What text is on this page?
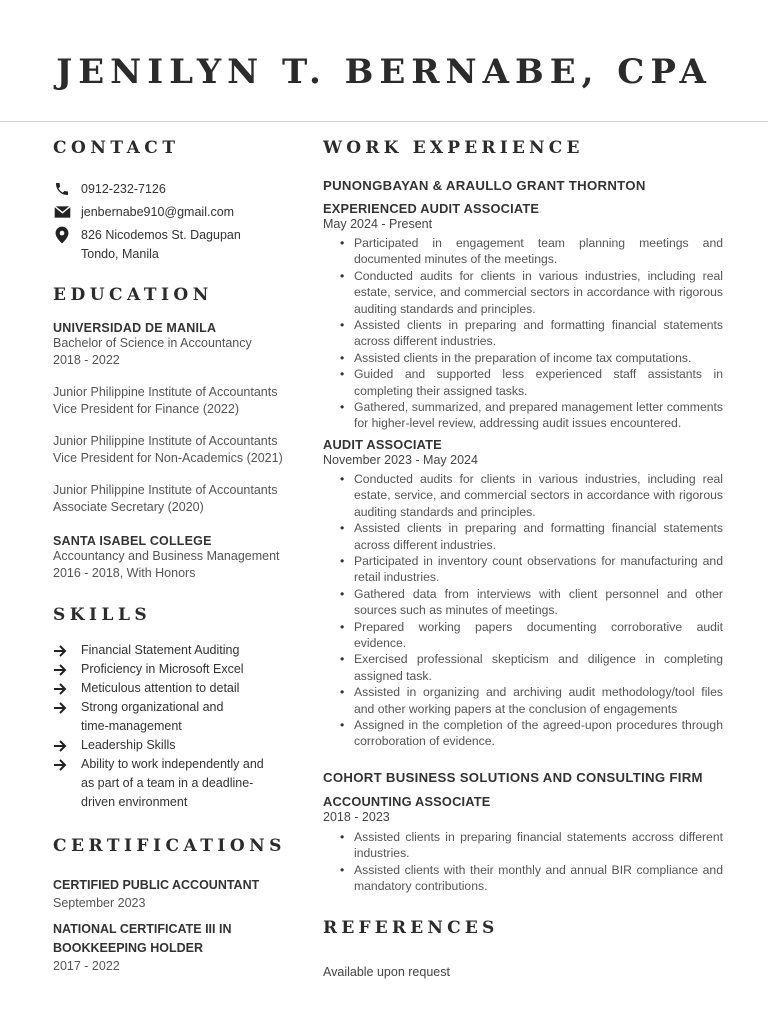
JENILYN T. BERNABE, CPA
CONTACT
0912-232-7126
jenbernabe910@gmail.com
826 Nicodemos St. Dagupan
Tondo, Manila
EDUCATION
UNIVERSIDAD DE MANILA
Bachelor of Science in Accountancy
2018 - 2022
Junior Philippine Institute of Accountants
Vice President for Finance (2022)
Junior Philippine Institute of Accountants
Vice President for Non-Academics (2021)
Junior Philippine Institute of Accountants
Associate Secretary (2020)
SANTA ISABEL COLLEGE
Accountancy and Business Management
2016 - 2018, With Honors
SKILLS
Financial Statement Auditing
Proficiency in Microsoft Excel
Meticulous attention to detail
Strong organizational and
time-management
Leadership Skills
Ability to work independently and
as part of a team in a deadline-
driven environment
CERTIFICATIONS
CERTIFIED PUBLIC ACCOUNTANT
September 2023
NATIONAL CERTIFICATE III IN
BOOKKEEPING HOLDER
2017 - 2022
WORK EXPERIENCE
PUNONGBAYAN & ARAULLO GRANT THORNTON
EXPERIENCED AUDIT ASSOCIATE
May 2024 - Present
• Participated in engagement team planning meetings and documented minutes of the meetings.
• Conducted audits for clients in various industries, including real estate, service, and commercial sectors in accordance with rigorous auditing standards and principles.
• Assisted clients in preparing and formatting financial statements across different industries.
• Assisted clients in the preparation of income tax computations.
• Guided and supported less experienced staff assistants in completing their assigned tasks.
• Gathered, summarized, and prepared management letter comments for higher-level review, addressing audit issues encountered.
AUDIT ASSOCIATE
November 2023 - May 2024
• Conducted audits for clients in various industries, including real estate, service, and commercial sectors in accordance with rigorous auditing standards and principles.
• Assisted clients in preparing and formatting financial statements across different industries.
• Participated in inventory count observations for manufacturing and retail industries.
• Gathered data from interviews with client personnel and other sources such as minutes of meetings.
• Prepared working papers documenting corroborative audit evidence.
• Exercised professional skepticism and diligence in completing assigned task.
• Assisted in organizing and archiving audit methodology/tool files and other working papers at the conclusion of engagements
• Assigned in the completion of the agreed-upon procedures through corroboration of evidence.
COHORT BUSINESS SOLUTIONS AND CONSULTING FIRM
ACCOUNTING ASSOCIATE
2018 - 2023
• Assisted clients in preparing financial statements accross different industries.
• Assisted clients with their monthly and annual BIR compliance and mandatory contributions.
REFERENCES
Available upon request
